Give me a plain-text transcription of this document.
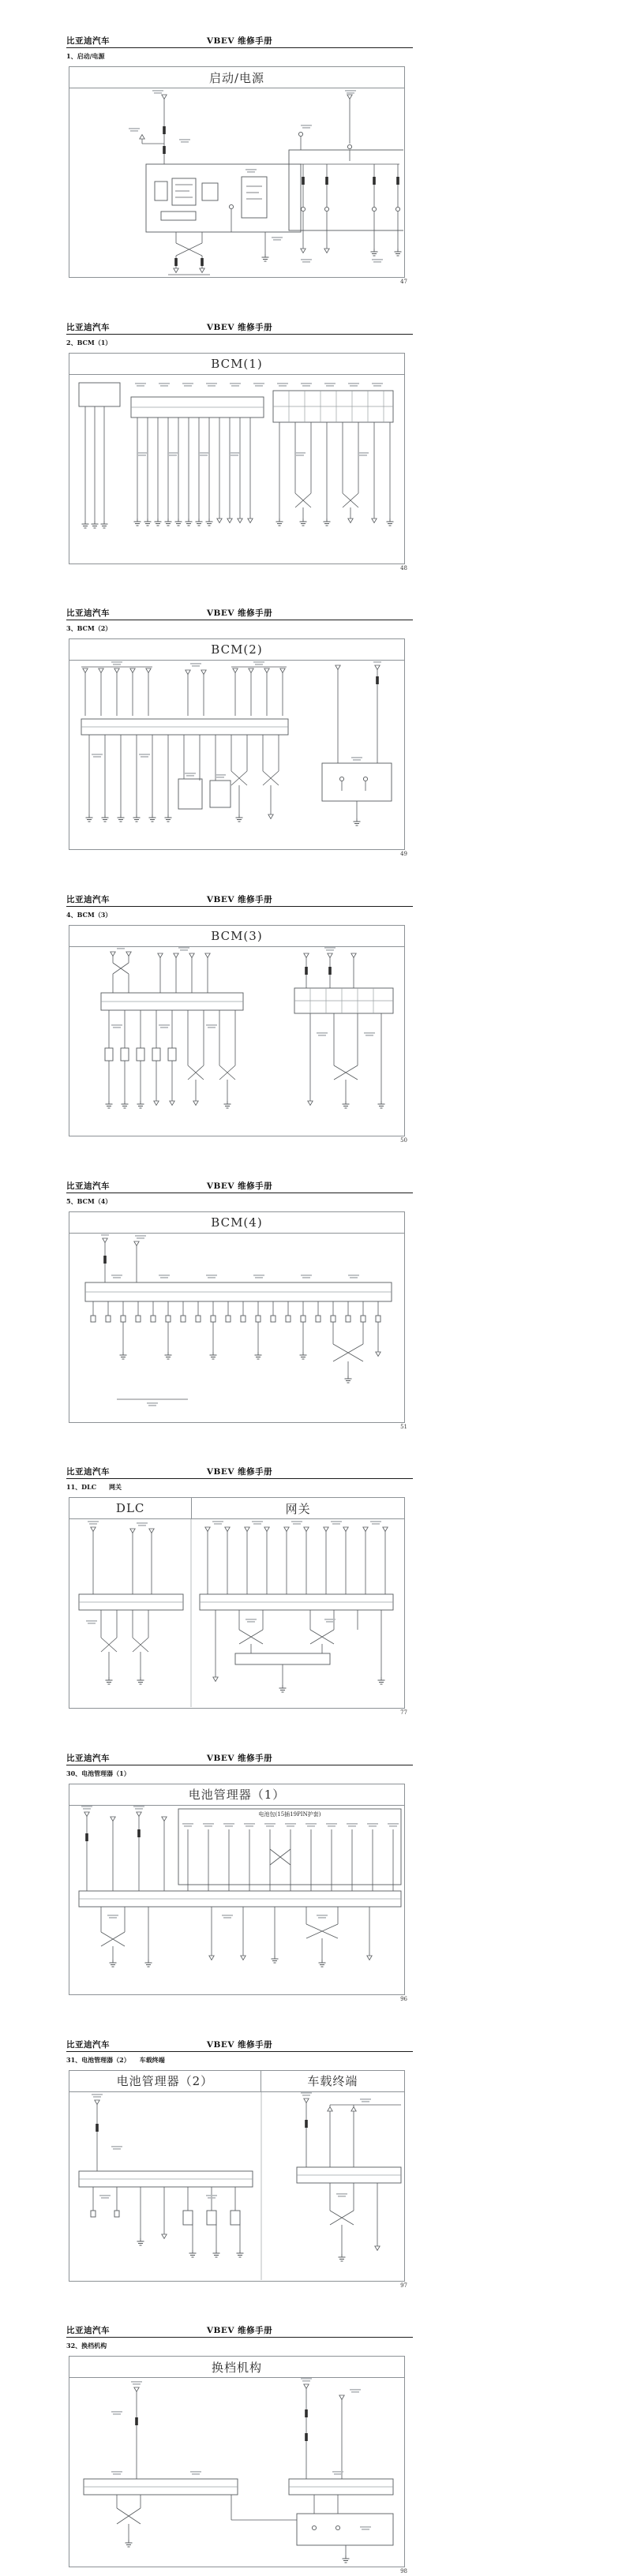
比亚迪汽车	VBEV 维修手册
1、启动/电源
启动/电源
47
比亚迪汽车	VBEV 维修手册
2、BCM（1）
BCM(1)
48
比亚迪汽车	VBEV 维修手册
3、BCM（2）
BCM(2)
49
比亚迪汽车	VBEV 维修手册
4、BCM（3）
BCM(3)
50
比亚迪汽车	VBEV 维修手册
5、BCM（4）
BCM(4)
51
比亚迪汽车	VBEV 维修手册
11、DLC　　网关
DLC	网关
77
比亚迪汽车	VBEV 维修手册
30、电池管理器（1）
电池管理器（1）
电池包(15插19PIN护套)
96
比亚迪汽车	VBEV 维修手册
31、电池管理器（2）　　车载终端
电池管理器（2）	车载终端
97
比亚迪汽车	VBEV 维修手册
32、换档机构
换档机构
98
